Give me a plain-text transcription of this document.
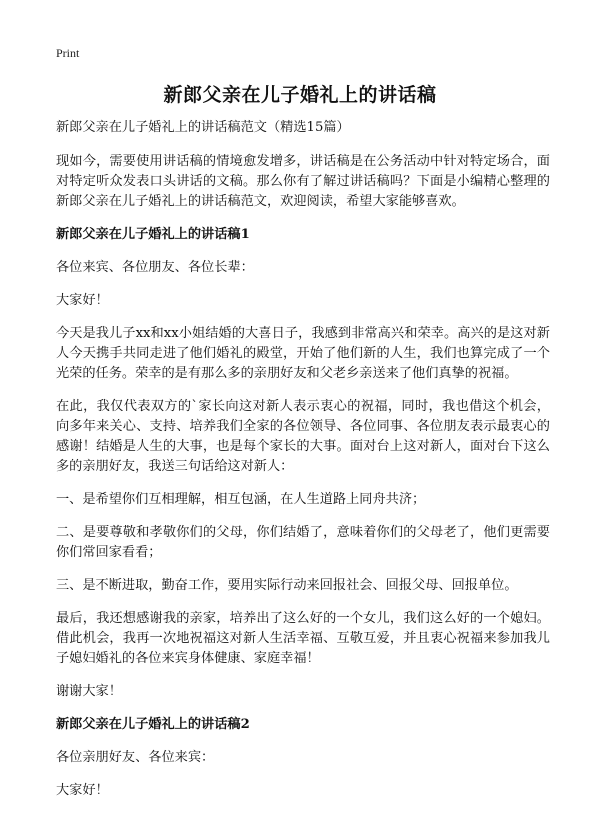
Print
新郎父亲在儿子婚礼上的讲话稿

新郎父亲在儿子婚礼上的讲话稿范文（精选15篇）

现如今，需要使用讲话稿的情境愈发增多，讲话稿是在公务活动中针对特定场合，面对特定听众发表口头讲话的文稿。那么你有了解过讲话稿吗？下面是小编精心整理的新郎父亲在儿子婚礼上的讲话稿范文，欢迎阅读，希望大家能够喜欢。

新郎父亲在儿子婚礼上的讲话稿1

各位来宾、各位朋友、各位长辈：

大家好！

今天是我儿子xx和xx小姐结婚的大喜日子，我感到非常高兴和荣幸。高兴的是这对新人今天携手共同走进了他们婚礼的殿堂，开始了他们新的人生，我们也算完成了一个光荣的任务。荣幸的是有那么多的亲朋好友和父老乡亲送来了他们真挚的祝福。

在此，我仅代表双方的`家长向这对新人表示衷心的祝福，同时，我也借这个机会，向多年来关心、支持、培养我们全家的各位领导、各位同事、各位朋友表示最衷心的感谢！结婚是人生的大事，也是每个家长的大事。面对台上这对新人，面对台下这么多的亲朋好友，我送三句话给这对新人：

一、是希望你们互相理解，相互包涵，在人生道路上同舟共济；

二、是要尊敬和孝敬你们的父母，你们结婚了，意味着你们的父母老了，他们更需要你们常回家看看；

三、是不断进取，勤奋工作，要用实际行动来回报社会、回报父母、回报单位。

最后，我还想感谢我的亲家，培养出了这么好的一个女儿，我们这么好的一个媳妇。借此机会，我再一次地祝福这对新人生活幸福、互敬互爱，并且衷心祝福来参加我儿子媳妇婚礼的各位来宾身体健康、家庭幸福！

谢谢大家！

新郎父亲在儿子婚礼上的讲话稿2

各位亲朋好友、各位来宾：

大家好！
